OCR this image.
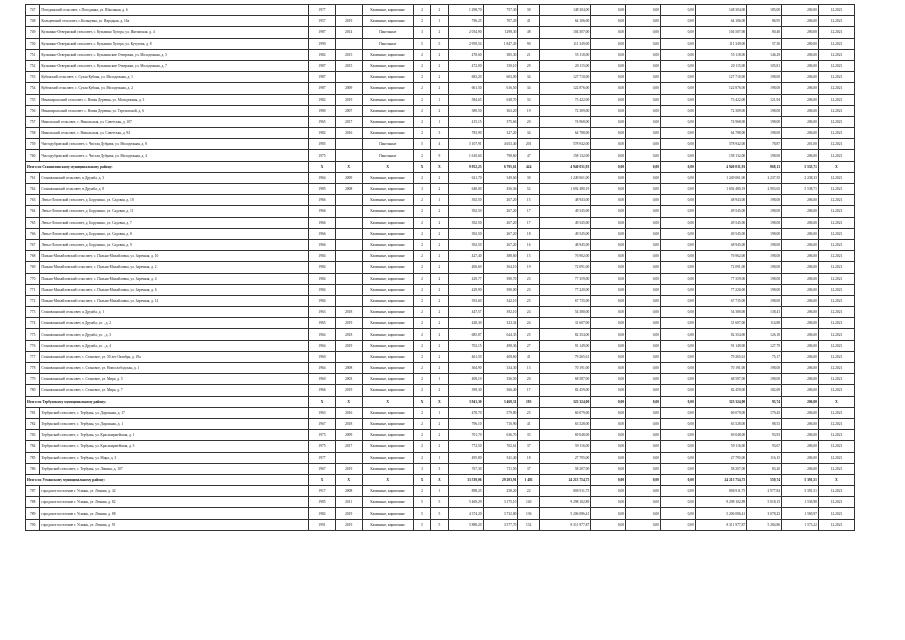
747	Погодинский сельсовет, с.Погодинка, ул. Школьная, д. 6	1977		Каменные, кирпичные	2	2	1 298,70	757,30	30	148 304,00	0,00	0,00	0,00	148 304,00	185,00	200,00	12.2021
748	Кольцевский сельсовет, с.Кольцевка, ул. Народная, д. 16а	1957	2019	Каменные, кирпичные	2	1	796,25	707,29	41	64 106,00	0,00	0,00	0,00	64 106,00	86,95	206,00	12.2021
749	Кузьмино-Отвержский сельсовет, с. Кузьмино Хутора, ул. Интимская, д. 4	1987	2014	Панельные	3	2	2 034,90	1298,30	48	104 507,00	0,00	0,00	0,00	104 507,00	80,40	200,00	12.2021
750	Кузьмино-Отвержский сельсовет, с. Кузьмино Хутора, ул. Кутузова, д. 8	1990		Панельные	5	5	2 959,54	1 847,45	90	111 349,00	0,00	0,00	0,00	111 349,00	57,30	200,00	12.2021
751	Кузьмино-Отвержский сельсовет, с. Кузьминские Отвержки, ул. Молодежная, д. 5	1982	2015	Каменные, кирпичные	2	2	478,60	385,30	21	55 118,00	0,00	0,00	0,00	55 118,00	146,29	206,00	12.2021
752	Кузьмино-Отвержский сельсовет, с. Кузьминские Отвержки, ул. Молодежная, д. 7	1987	2015	Каменные, кирпичные	2	2	472,00	150,10	29	20 115,00	0,00	0,00	0,00	20 115,00	105,81	206,00	12.2021
753	Кубенский сельсовет, с. Сухая Кубань, ул. Молодежная, д. 1	1987		Каменные, кирпичные	2	2	683,20	603,00	34	127 710,00	0,00	0,00	0,00	127 710,00	198,00	206,00	12.2021
754	Кубенский сельсовет, с. Сухая Кубань, ул. Молодежная, д. 2	1987	2009	Каменные, кирпичные	2	2	661,50	616,50	34	122 876,00	0,00	0,00	0,00	122 876,00	198,00	206,00	12.2021
755	Ненапирольский сельсовет, с. Новая Деревня, ул. Молодежная, д. 3	1982	2019	Каменные, кирпичные	2	1	584,65	638,70	33	73 422,00	0,00	0,00	0,00	73 422,00	121,94	206,00	12.2021
756	Ненапирольский сельсовет, с. Новая Деревня, ул. Тереховской, д. 6	1980	2007	Каменные, кирпичные	2	2	389,50	363,20	19	72 309,00	0,00	0,00	0,00	72 309,00	198,00	206,00	12.2021
757	Никольский сельсовет, с. Никольская, ул. Советская, д. 107	1965	2017	Каменные, кирпичные	2	1	415,15	375,66	20	74 968,00	0,00	0,00	0,00	74 968,00	198,00	206,00	12.2021
758	Никольский сельсовет, с. Никольская, ул. Советская, д. 94	1982	2016	Каменные, кирпичные	2	3	783,90	327,20	34	64 788,00	0,00	0,00	0,00	64 788,00	198,00	206,00	12.2021
759	Чистодубровский сельсовет, с. Чистая Дубрава, ул. Молодежная, д. 8	1985		Панельные	5	4	5 107,91	4 653,40	201	578 942,00	0,00	0,00	0,00	578 942,00	78,87	201,00	12.2021
760	Чистодубровский сельсовет, с. Чистая Дубрава, ул. Молодежная, д. 4	1975		Панельные	2	9	1 610,60	798,60	47	158 132,00	0,00	0,00	0,00	158 132,00	198,00	206,00	12.2021
Итого по Становлянскому муниципальному району:		X	X	X	X	X	9 952,23	6 795,61	424	4 940 031,93	0,00	0,00	0,00	4 940 031,93	868,13	5 535,71	X
761	Становлянский сельсовет, п.Дружба, д. 3	1964	2009	Каменные, кирпичные	2	2	621,70	349,60	30	1 249 061,00	0,00	0,00	0,00	1 249 061,00	2 237,55	2 238,33	12.2021
762	Становлянский сельсовет, п.Дружба, д. 8	1985	2008	Каменные, кирпичные	3	2	648,00	456,36	52	1 692 480,19	0,00	0,00	0,00	1 692 480,19	2 903,65	5 538,71	12.2021
763	Лепьо-Лопатский сельсовет, д. Борушино, ул. Садовая, д. 10	1966		Каменные, кирпичные	2	1	392,50	267,20	15	48 943,00	0,00	0,00	0,00	48 943,00	198,00	206,00	12.2021
764	Лепьо-Лопатский сельсовет, д. Борушино, ул. Садовая, д. 11	1966		Каменные, кирпичные	2	2	392,50	267,20	17	49 545,00	0,00	0,00	0,00	49 545,00	198,00	206,00	12.2021
765	Лепьо-Лопатский сельсовет, д. Борушино, ул. Садовая, д. 7	1966		Каменные, кирпичные	2	2	392,50	267,20	17	49 545,00	0,00	0,00	0,00	49 545,00	198,00	206,00	12.2021
766	Лепьо-Лопатский сельсовет, д. Борушино, ул. Садовая, д. 8	1966		Каменные, кирпичные	2	2	392,50	267,20	18	49 545,00	0,00	0,00	0,00	49 545,00	198,00	206,00	12.2021
767	Лепьо-Лопатский сельсовет, д. Борушино, ул. Садовая, д. 9	1966		Каменные, кирпичные	2	2	392,50	267,20	16	48 945,00	0,00	0,00	0,00	48 945,00	198,00	206,00	12.2021
768	Пальна-Михайловский сельсовет, с. Пальна-Михайловка, ул. Заречная, д. 10	1984		Каменные, кирпичные	2	2	427,40	388,60	15	76 962,00	0,00	0,00	0,00	76 962,00	198,00	206,00	12.2021
769	Пальна-Михайловский сельсовет, с. Пальна-Михайловка, ул. Заречная, д. 2	1984		Каменные, кирпичные	2	2	406,60	364,10	19	72 091,00	0,00	0,00	0,00	72 091,00	198,00	206,00	12.2021
770	Пальна-Михайловский сельсовет, с. Пальна-Михайловка, ул. Заречная, д. 4	1984		Каменные, кирпичные	2	2	429,77	390,70	23	77 359,00	0,00	0,00	0,00	77 359,00	198,00	206,00	12.2021
771	Пальна-Михайловский сельсовет, с. Пальна-Михайловка, ул. Заречная, д. 6	1984		Каменные, кирпичные	2	2	429,90	390,00	23	77 220,00	0,00	0,00	0,00	77 220,00	198,00	206,00	12.2021
772	Пальна-Михайловский сельсовет, с. Пальна-Михайловка, ул. Заречная, д. 12	1984		Каменные, кирпичные	2	2	393,60	342,10	25	67 735,00	0,00	0,00	0,00	67 735,00	198,00	206,00	12.2021
773	Становлянский сельсовет, п.Дружба, д. 1	1963	2018	Каменные, кирпичные	2	2	447,57	392,10	24	54 380,00	0,00	0,00	0,00	54 380,00	138,41	206,00	12.2021
774	Становлянский сельсовет, п.Дружба, ул. , д. 2	1965	2019	Каменные, кирпичные	2	2	428,30	323,34	24	31 607,00	0,00	0,00	0,00	31 607,00	114,88	206,00	12.2021
775	Становлянский сельсовет, п.Дружба, ул. , д. 3	1964	2018	Каменные, кирпичные	2	2	685,87	644,35	25	82 354,00	0,00	0,00	0,00	82 354,00	126,18	206,00	12.2021
776	Становлянский сельсовет, п.Дружба, ул. , д. 4	1964	2019	Каменные, кирпичные	2	2	702,15	498,36	27	91 149,00	0,00	0,00	0,00	91 149,00	127,79	206,00	12.2021
777	Становлянский сельсовет, с. Становое, ул. 50 лет Октября, д. 19а	1960		Каменные, кирпичные	2	2	461,50	408,60	41	79 265,61	0,00	0,00	0,00	79 265,61	75,17	206,00	12.2021
778	Становлянский сельсовет, с. Становое, ул. Новослободская, д. 1	1964	2008	Каменные, кирпичные	2	2	364,90	334,30	13	70 191,00	0,00	0,00	0,00	70 191,00	198,00	206,00	12.2021
779	Становлянский сельсовет, с. Становое, ул. Мира, д. 5	1960	2003	Каменные, кирпичные	2	1	408,10	356,50	20	68 587,00	0,00	0,00	0,00	68 587,00	198,00	206,00	12.2021
780	Становлянский сельсовет, с. Становое, ул. Мира, д. 7	1966	2019	Каменные, кирпичные	2	2	399,30	366,40	17	82 459,00	0,00	0,00	0,00	82 459,00	182,69	206,00	12.2021
Итого по Тербунскому муниципальному району:		X	X	X	X	X	3 941,30	3 469,31	193	323 324,00	0,00	0,00	0,00	323 324,00	93,74	206,00	X
781	Тербунский сельсовет, с. Тербуны, ул. Дорожная, д. 17	1963	2016	Каменные, кирпичные	2	1	470,70	579,80	25	60 079,00	0,00	0,00	0,00	60 079,00	179,45	206,00	12.2021
782	Тербунский сельсовет, с. Тербуны, ул. Дорожная, д. 1	1967	2018	Каменные, кирпичные	2	2	796,10	710,90	41	63 528,00	0,00	0,00	0,00	63 528,00	88,53	206,00	12.2021
783	Тербунский сельсовет, с. Тербуны, ул. Красноармейская, д. 1	1973	2009	Каменные, кирпичные	2	2	701,70	636,70	33	69 048,00	0,00	0,00	0,00	69 048,00	93,93	206,00	12.2021
784	Тербунский сельсовет, с. Тербуны, ул. Красноармейская, д. 3	1975	2017	Каменные, кирпичные	2	2	772,50	702,61	37	59 116,00	0,00	0,00	0,00	59 116,00	93,67	206,00	12.2021
785	Тербунский сельсовет, с. Тербуны, ул. Мира, д. 3	1977		Каменные, кирпичные	2	1	495,80	541,40	18	27 795,00	0,00	0,00	0,00	27 795,00	116,15	206,00	12.2021
786	Тербунский сельсовет, с. Тербуны, ул. Ленина, д. 107	1967	2019	Каменные, кирпичные	3	3	767,30	711,50	37	58 207,00	0,00	0,00	0,00	58 207,00	83,20	206,00	12.2021
Итого по Усманскому муниципальному району:		X	X	X	X	X	33 539,06	29 203,91	1 481	24 215 754,75	0,00	0,00	0,00	24 215 754,75	559,74	5 391,51	X
787	городское поселение г. Усмань, ул. Ленина, д. 42	1917	2008	Каменные, кирпичные	2	1	898,25	258,20	22	806 911,75	0,00	0,00	0,00	806 911,75	2 977,84	5 391,51	12.2021
788	городское поселение г. Усмань, ул. Ленина, д. 82	1985	2011	Каменные, кирпичные	5	5	5 469,29	3 175,10	140	9 298 102,89	0,00	0,00	0,00	9 298 102,89	5 018,15	1 536,98	12.2021
789	городское поселение г. Усмань, ул. Ленина, д. 88	1982	2019	Каменные, кирпичные	5	5	4 374,20	3 732,80	136	5 206 086,41	0,00	0,00	0,00	5 206 086,41	3 078,23	1 569,97	12.2021
790	городское поселение г. Усмань, ул. Ленина, д. 91	1991	2019	Каменные, кирпичные	5	5	5 888,20	3 577,70	132	8 311 977,87	0,00	0,00	0,00	8 311 977,87	5 284,86	1 573,22	12.2021
